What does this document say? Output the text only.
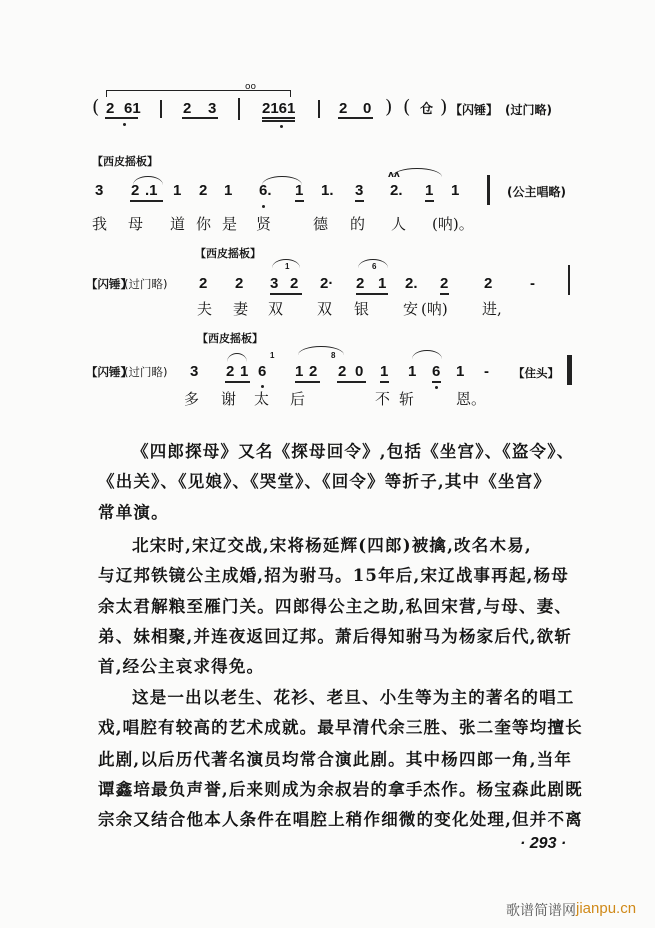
oo
( 2 61	2 3	2161	2 0 ) ( 仓 ) 【闪锤】 (过门略)
【西皮摇板】
3 2 .1 1 2 1 6. 1 1. 3
ʌʌ
2. 1 1	(公主唱略)
我 母 道 你 是 贤	德 的 人 (呐)。
【西皮摇板】
【闪锤】
(过门略) 2 2 3
1
2 2· 2
6
1 2. 2 2	-
夫 妻 双 双 银 安 (呐) 进,
【西皮摇板】
【闪锤】
(过门略) 3 2 1 6
1
1 2
8
2 0 1 1 6 1 - 【住头】
多 谢 太 后	不 斩	恩。
《四郎探母》又名《探母回令》,包括《坐宫》、《盗令》、
《出关》、《见娘》、《哭堂》、《回令》等折子,其中《坐宫》
常单演。
北宋时,宋辽交战,宋将杨延辉(四郎)被擒,改名木易,
与辽邦铁镜公主成婚,招为驸马。15年后,宋辽战事再起,杨母
余太君解粮至雁门关。四郎得公主之助,私回宋营,与母、妻、
弟、妹相聚,并连夜返回辽邦。萧后得知驸马为杨家后代,欲斩
首,经公主哀求得免。
这是一出以老生、花衫、老旦、小生等为主的著名的唱工
戏,唱腔有较高的艺术成就。最早清代余三胜、张二奎等均擅长
此剧,以后历代著名演员均常合演此剧。其中杨四郎一角,当年
谭鑫培最负声誉,后来则成为余叔岩的拿手杰作。杨宝森此剧既
宗余又结合他本人条件在唱腔上稍作细微的变化处理,但并不离
· 293 ·
歌谱简谱网 jianpu.cn
